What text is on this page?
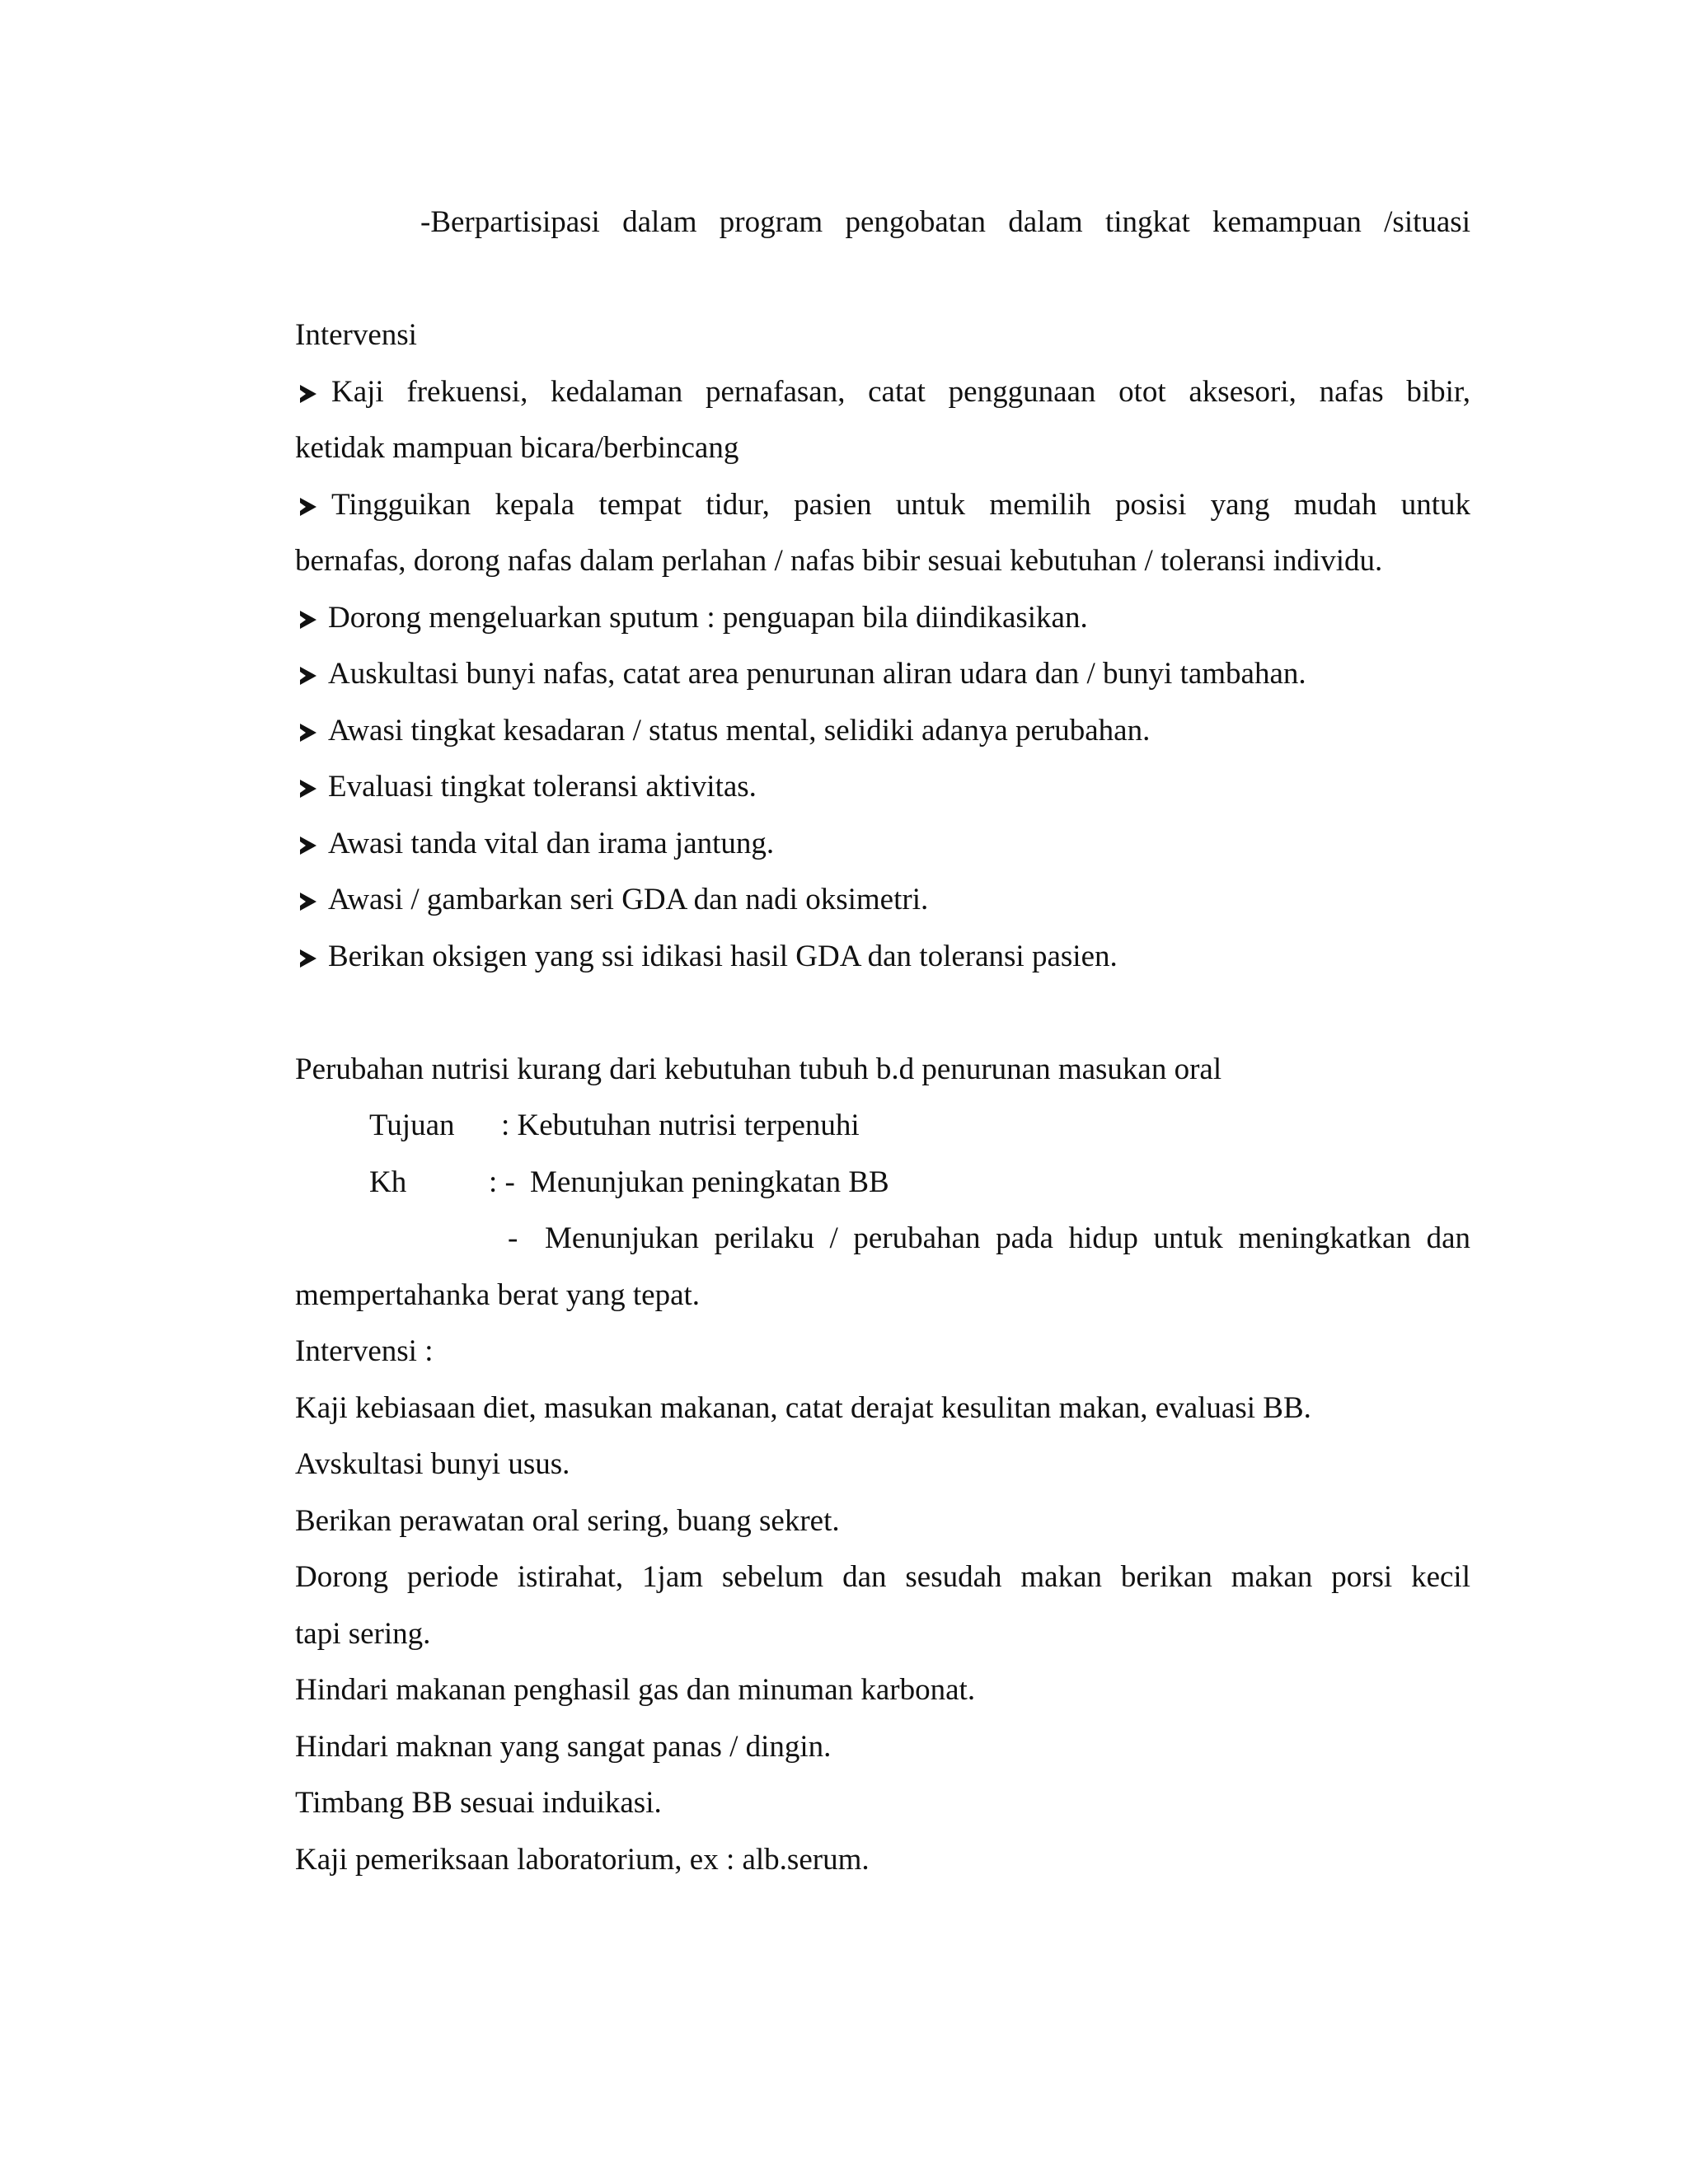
-Berpartisipasi dalam program pengobatan dalam tingkat kemampuan /situasi
Intervensi
Kaji frekuensi, kedalaman pernafasan, catat penggunaan otot aksesori, nafas bibir,
ketidak mampuan bicara/berbincang
Tingguikan kepala tempat tidur, pasien untuk memilih posisi yang mudah untuk
bernafas, dorong nafas dalam perlahan / nafas bibir sesuai kebutuhan / toleransi individu.
Dorong mengeluarkan sputum : penguapan bila diindikasikan.
Auskultasi bunyi nafas, catat area penurunan aliran udara dan / bunyi tambahan.
Awasi tingkat kesadaran / status mental, selidiki adanya perubahan.
Evaluasi tingkat toleransi aktivitas.
Awasi tanda vital dan irama jantung.
Awasi / gambarkan seri GDA dan nadi oksimetri.
Berikan oksigen yang ssi idikasi hasil GDA dan toleransi pasien.
Perubahan nutrisi kurang dari kebutuhan tubuh b.d penurunan masukan oral
Tujuan : Kebutuhan nutrisi terpenuhi
Kh	: - Menunjukan peningkatan BB
- Menunjukan perilaku / perubahan pada hidup untuk meningkatkan dan
mempertahanka berat yang tepat.
Intervensi :
Kaji kebiasaan diet, masukan makanan, catat derajat kesulitan makan, evaluasi BB.
Avskultasi bunyi usus.
Berikan perawatan oral sering, buang sekret.
Dorong periode istirahat, 1jam sebelum dan sesudah makan berikan makan porsi kecil
tapi sering.
Hindari makanan penghasil gas dan minuman karbonat.
Hindari maknan yang sangat panas / dingin.
Timbang BB sesuai induikasi.
Kaji pemeriksaan laboratorium, ex : alb.serum.
